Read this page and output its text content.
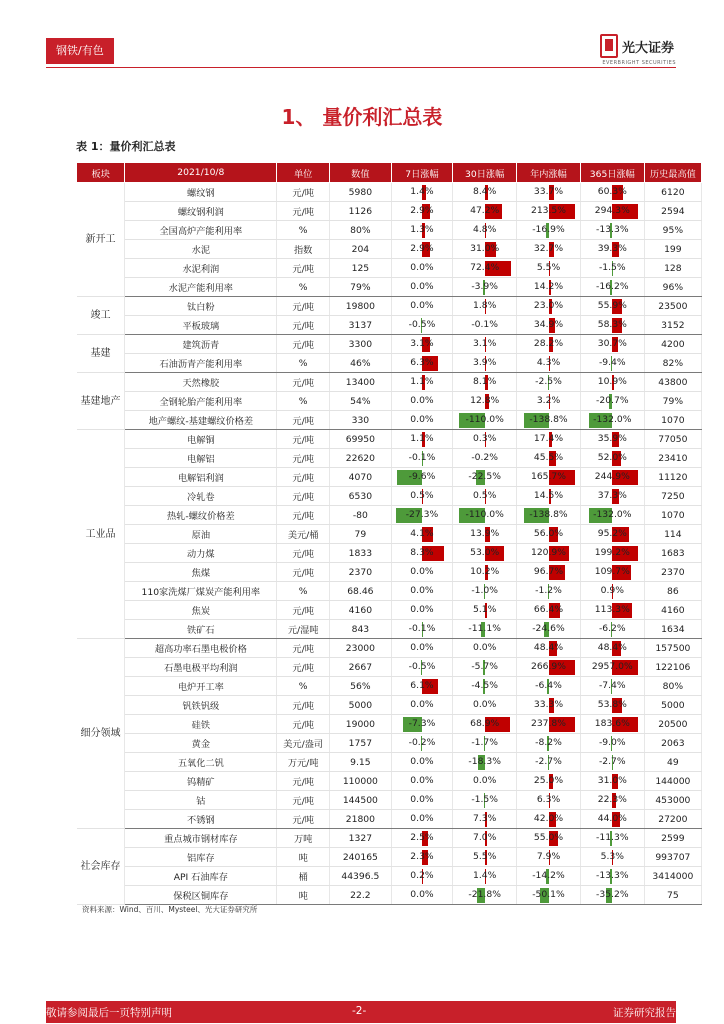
钢铁/有色	光大证券
EVERBRIGHT SECURITIES
1、 量价利汇总表
表 1：量价利汇总表
板块	2021/10/8	单位	数值	7日涨幅	30日涨幅	年内涨幅	365日涨幅	历史最高值
新开工	螺纹钢	元/吨	5980	1.4%	8.4%	33.7%	60.3%	6120
	螺纹钢利润	元/吨	1126	2.9%	47.2%	213.5%	294.3%	2594
	全国高炉产能利用率	%	80%	1.3%	4.8%	-16.9%	-13.3%	95%
	水泥	指数	204	2.9%	31.0%	32.7%	39.3%	199
	水泥利润	元/吨	125	0.0%	72.4%	5.5%	-1.5%	128
	水泥产能利用率	%	79%	0.0%	-3.9%	14.2%	-16.2%	96%
竣工	钛白粉	元/吨	19800	0.0%	1.8%	23.0%	55.9%	23500
	平板玻璃	元/吨	3137	-0.5%	-0.1%	34.9%	58.3%	3152
基建	建筑沥青	元/吨	3300	3.1%	3.1%	28.2%	30.7%	4200
	石油沥青产能利用率	%	46%	6.3%	3.9%	4.3%	-9.4%	82%
基建地产	天然橡胶	元/吨	13400	1.1%	8.1%	-2.5%	10.9%	43800
	全钢轮胎产能利用率	%	54%	0.0%	12.8%	3.2%	-20.7%	79%
	地产螺纹-基建螺纹价格差	元/吨	330	0.0%	-110.0%	-138.8%	-132.0%	1070
工业品	电解铜	元/吨	69950	1.1%	0.3%	17.4%	35.9%	77050
	电解铝	元/吨	22620	-0.1%	-0.2%	45.5%	52.0%	23410
	电解铝利润	元/吨	4070	-9.6%	-22.5%	165.7%	244.9%	11120
	冷轧卷	元/吨	6530	0.5%	0.5%	14.5%	37.3%	7250
	热轧-螺纹价格差	元/吨	-80	-27.3%	-110.0%	-138.8%	-132.0%	1070
	原油	美元/桶	79	4.1%	13.9%	56.0%	95.2%	114
	动力煤	元/吨	1833	8.3%	53.0%	120.9%	199.2%	1683
	焦煤	元/吨	2370	0.0%	10.2%	96.7%	109.7%	2370
	110家洗煤厂煤炭产能利用率	%	68.46	0.0%	-1.0%	-1.2%	0.9%	86
	焦炭	元/吨	4160	0.0%	5.1%	66.4%	113.3%	4160
	铁矿石	元/湿吨	843	-0.1%	-11.1%	-24.6%	-6.2%	1634
细分领域	超高功率石墨电极价格	元/吨	23000	0.0%	0.0%	48.4%	48.4%	157500
	石墨电极平均利润	元/吨	2667	-0.5%	-5.7%	266.9%	2957.0%	122106
	电炉开工率	%	56%	6.1%	-4.5%	-6.4%	-7.4%	80%
	钒铁钒级	元/吨	5000	0.0%	0.0%	33.3%	53.8%	5000
	硅铁	元/吨	19000	-7.3%	68.9%	237.8%	183.6%	20500
	黄金	美元/盎司	1757	-0.2%	-1.7%	-8.2%	-9.0%	2063
	五氧化二钒	万元/吨	9.15	0.0%	-18.3%	-2.7%	-2.7%	49
	钨精矿	元/吨	110000	0.0%	0.0%	25.0%	31.0%	144000
	钴	元/吨	144500	0.0%	-1.5%	6.3%	22.3%	453000
	不锈钢	元/吨	21800	0.0%	7.3%	42.0%	44.0%	27200
社会库存	重点城市钢材库存	万吨	1327	2.5%	7.0%	55.0%	-11.3%	2599
	铝库存	吨	240165	2.3%	5.5%	7.9%	5.3%	993707
	API 石油库存	桶	44396.5	0.2%	1.4%	-14.2%	-13.3%	3414000
	保税区铜库存	吨	22.2	0.0%	-21.8%	-50.1%	-35.2%	75
资料来源：Wind、百川、Mysteel、光大证券研究所
敬请参阅最后一页特别声明	-2-	证券研究报告
